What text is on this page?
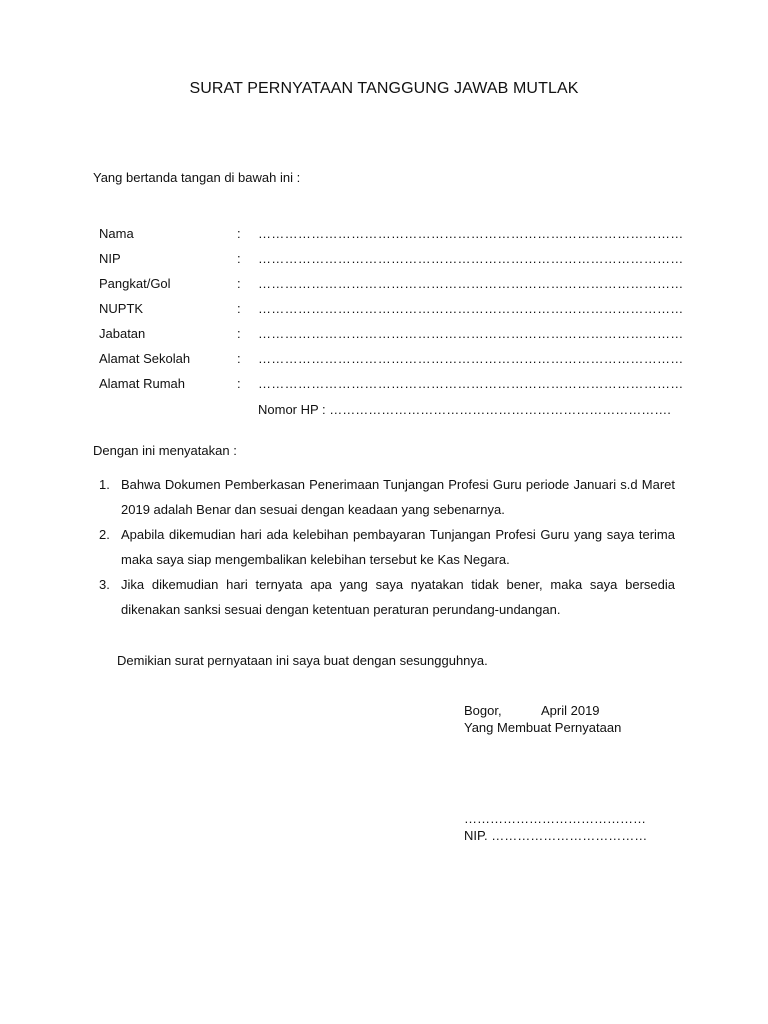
SURAT PERNYATAAN TANGGUNG JAWAB MUTLAK
Yang bertanda tangan di bawah ini :
Nama	: ……………………………………………………………………………………
NIP	: ……………………………………………………………………………………
Pangkat/Gol	: ……………………………………………………………………………………
NUPTK	: ……………………………………………………………………………………
Jabatan	: ……………………………………………………………………………………
Alamat Sekolah	: ……………………………………………………………………………………
Alamat Rumah	: ……………………………………………………………………………………
Nomor HP : …………………………………………………………………….
Dengan ini menyatakan :
1. Bahwa Dokumen Pemberkasan Penerimaan Tunjangan Profesi Guru periode Januari s.d Maret 2019 adalah Benar dan sesuai dengan keadaan yang sebenarnya.
2. Apabila dikemudian hari ada kelebihan pembayaran Tunjangan Profesi Guru yang saya terima maka saya siap mengembalikan kelebihan tersebut ke Kas Negara.
3. Jika dikemudian hari ternyata apa yang saya nyatakan tidak bener, maka saya bersedia dikenakan sanksi sesuai dengan ketentuan peraturan perundang-undangan.
Demikian surat pernyataan ini saya buat dengan sesungguhnya.
Bogor,	April 2019
Yang Membuat Pernyataan
……………………………………
NIP. ………………………………
